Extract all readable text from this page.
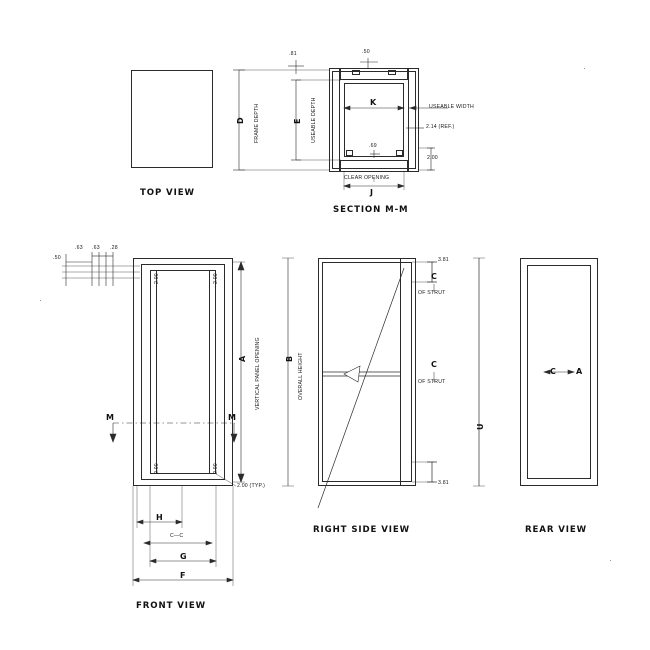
TOP VIEW
.81	.50
D	E
FRAME DEPTH	USEABLE DEPTH	K
J
USEABLE WIDTH
2.14 (REF.)
2.00
.69
CLEAR OPENING
SECTION M-M
.50
.63 .63 .28
A	B
VERTICAL PANEL OPENING	OVERALL HEIGHT
2.00	2.00
2.00	2.00
M	M
2.00 (TYP.)
H
C—C
G
F
FRONT VIEW
3.81
3.81
C
OF STRUT
C
OF STRUT
U
RIGHT SIDE VIEW
C	A
REAR VIEW
